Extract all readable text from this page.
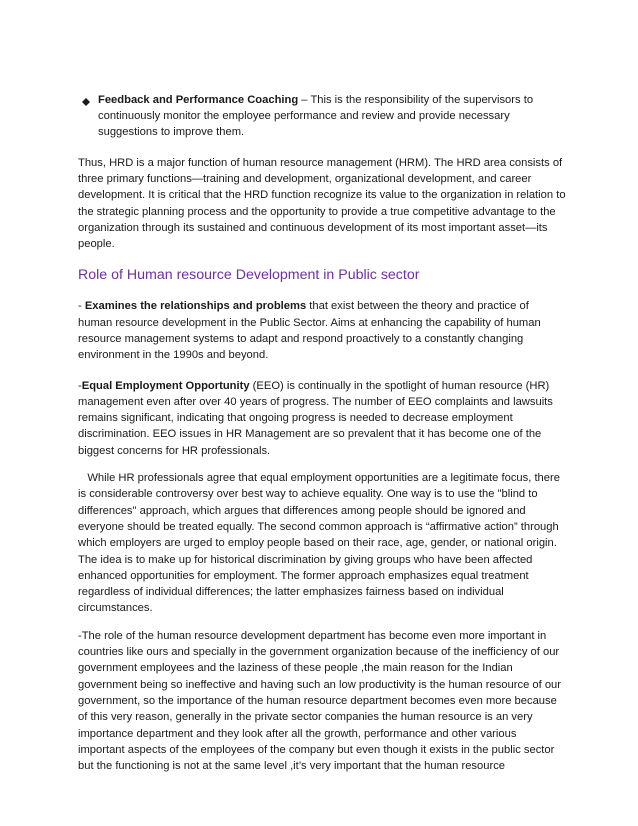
Feedback and Performance Coaching – This is the responsibility of the supervisors to continuously monitor the employee performance and review and provide necessary suggestions to improve them.

Thus, HRD is a major function of human resource management (HRM). The HRD area consists of three primary functions—training and development, organizational development, and career development. It is critical that the HRD function recognize its value to the organization in relation to the strategic planning process and the opportunity to provide a true competitive advantage to the organization through its sustained and continuous development of its most important asset—its people.

Role of Human resource Development in Public sector

- Examines the relationships and problems that exist between the theory and practice of human resource development in the Public Sector. Aims at enhancing the capability of human resource management systems to adapt and respond proactively to a constantly changing environment in the 1990s and beyond.

-Equal Employment Opportunity (EEO) is continually in the spotlight of human resource (HR) management even after over 40 years of progress. The number of EEO complaints and lawsuits remains significant, indicating that ongoing progress is needed to decrease employment discrimination. EEO issues in HR Management are so prevalent that it has become one of the biggest concerns for HR professionals.

While HR professionals agree that equal employment opportunities are a legitimate focus, there is considerable controversy over best way to achieve equality. One way is to use the "blind to differences" approach, which argues that differences among people should be ignored and everyone should be treated equally. The second common approach is “affirmative action” through which employers are urged to employ people based on their race, age, gender, or national origin. The idea is to make up for historical discrimination by giving groups who have been affected enhanced opportunities for employment. The former approach emphasizes equal treatment regardless of individual differences; the latter emphasizes fairness based on individual circumstances.

-The role of the human resource development department has become even more important in countries like ours and specially in the government organization because of the inefficiency of our government employees and the laziness of these people ,the main reason for the Indian government being so ineffective and having such an low productivity is the human resource of our government, so the importance of the human resource department becomes even more because of this very reason, generally in the private sector companies the human resource is an very importance department and they look after all the growth, performance and other various important aspects of the employees of the company but even though it exists in the public sector but the functioning is not at the same level ,it’s very important that the human resource
